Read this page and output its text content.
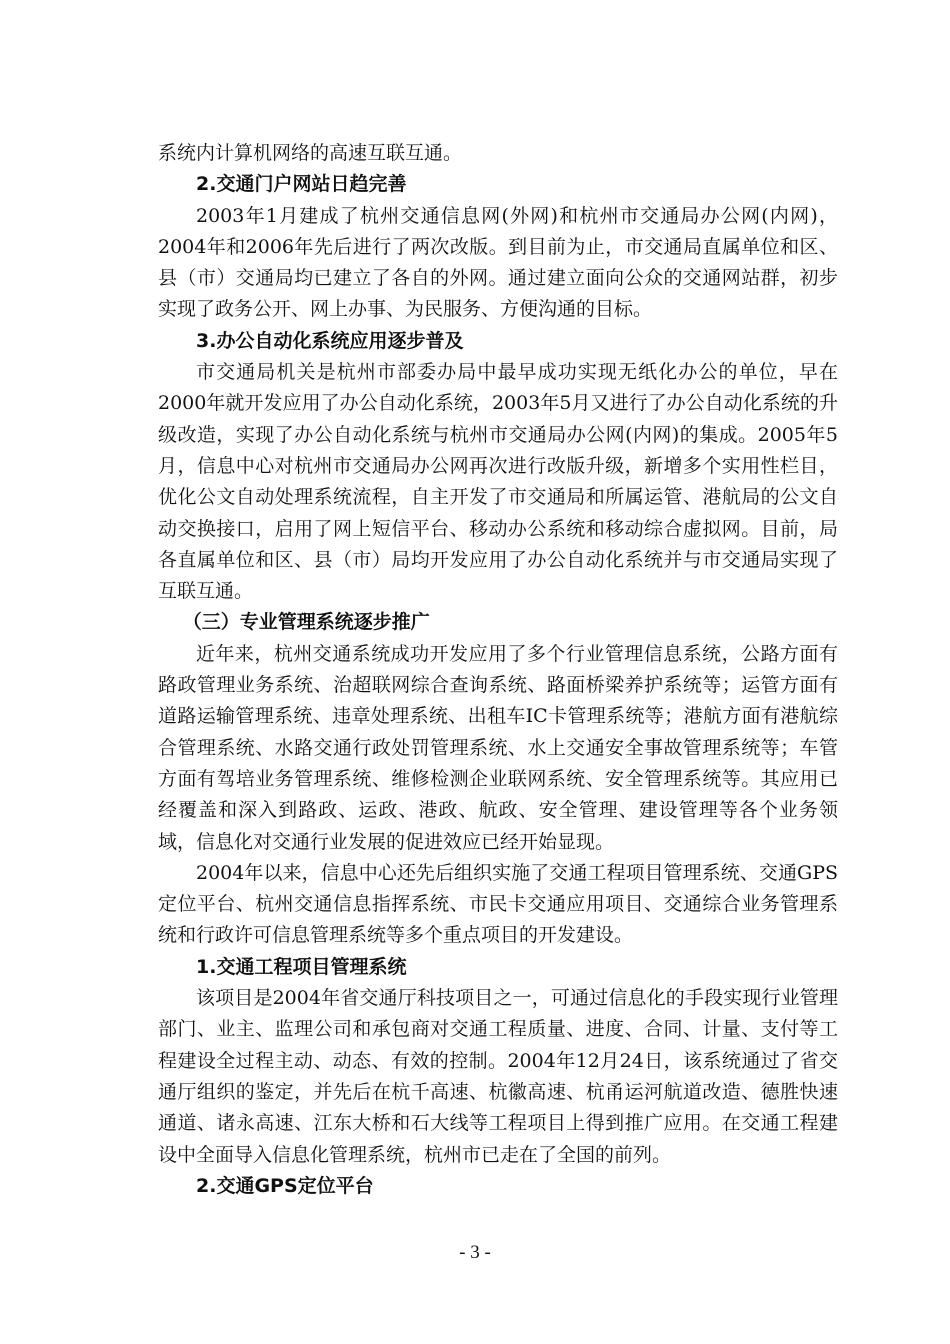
系统内计算机网络的高速互联互通。

2.交通门户网站日趋完善

2003年1月建成了杭州交通信息网(外网)和杭州市交通局办公网(内网)，2004年和2006年先后进行了两次改版。到目前为止，市交通局直属单位和区、县（市）交通局均已建立了各自的外网。通过建立面向公众的交通网站群，初步实现了政务公开、网上办事、为民服务、方便沟通的目标。

3.办公自动化系统应用逐步普及

市交通局机关是杭州市部委办局中最早成功实现无纸化办公的单位，早在2000年就开发应用了办公自动化系统，2003年5月又进行了办公自动化系统的升级改造，实现了办公自动化系统与杭州市交通局办公网(内网)的集成。2005年5月，信息中心对杭州市交通局办公网再次进行改版升级，新增多个实用性栏目，优化公文自动处理系统流程，自主开发了市交通局和所属运管、港航局的公文自动交换接口，启用了网上短信平台、移动办公系统和移动综合虚拟网。目前，局各直属单位和区、县（市）局均开发应用了办公自动化系统并与市交通局实现了互联互通。

（三）专业管理系统逐步推广

近年来，杭州交通系统成功开发应用了多个行业管理信息系统，公路方面有路政管理业务系统、治超联网综合查询系统、路面桥梁养护系统等；运管方面有道路运输管理系统、违章处理系统、出租车IC卡管理系统等；港航方面有港航综合管理系统、水路交通行政处罚管理系统、水上交通安全事故管理系统等；车管方面有驾培业务管理系统、维修检测企业联网系统、安全管理系统等。其应用已经覆盖和深入到路政、运政、港政、航政、安全管理、建设管理等各个业务领域，信息化对交通行业发展的促进效应已经开始显现。

2004年以来，信息中心还先后组织实施了交通工程项目管理系统、交通GPS定位平台、杭州交通信息指挥系统、市民卡交通应用项目、交通综合业务管理系统和行政许可信息管理系统等多个重点项目的开发建设。

1.交通工程项目管理系统

该项目是2004年省交通厅科技项目之一，可通过信息化的手段实现行业管理部门、业主、监理公司和承包商对交通工程质量、进度、合同、计量、支付等工程建设全过程主动、动态、有效的控制。2004年12月24日，该系统通过了省交通厅组织的鉴定，并先后在杭千高速、杭徽高速、杭甬运河航道改造、德胜快速通道、诸永高速、江东大桥和石大线等工程项目上得到推广应用。在交通工程建设中全面导入信息化管理系统，杭州市已走在了全国的前列。

2.交通GPS定位平台

- 3 -
